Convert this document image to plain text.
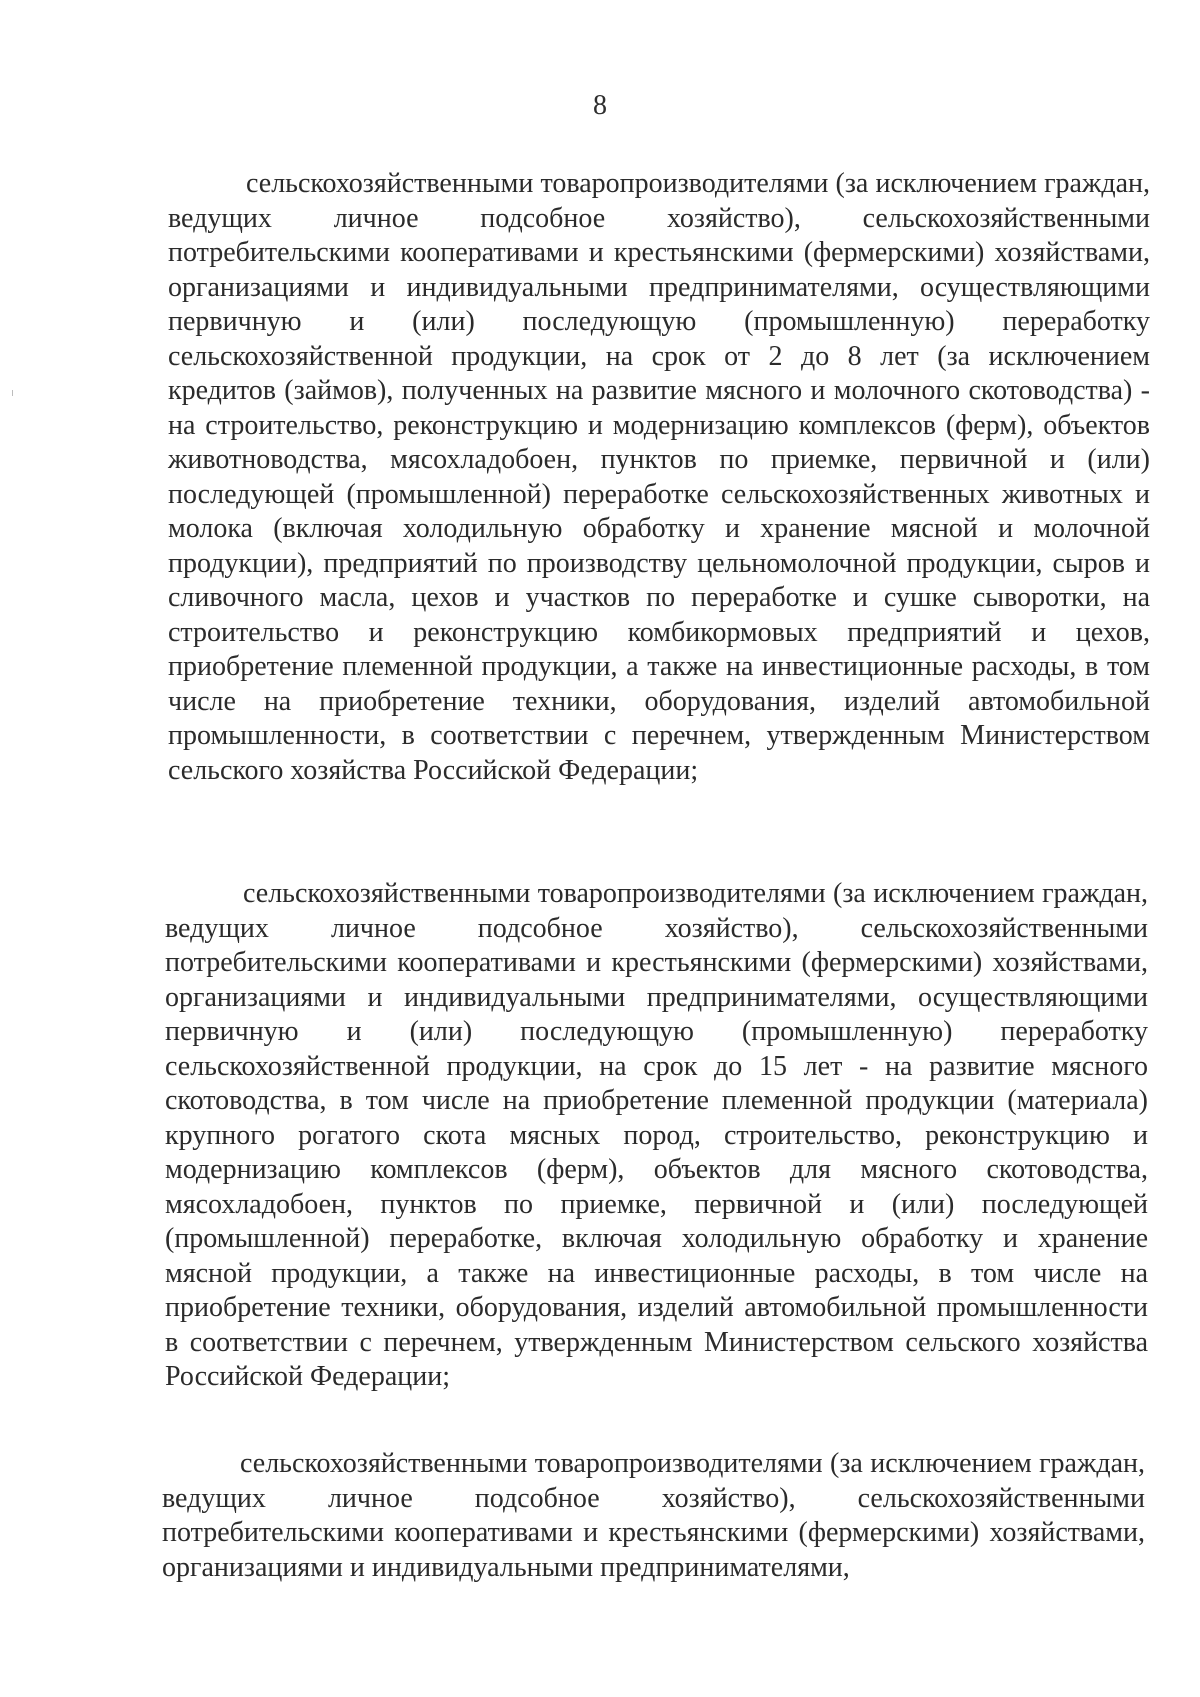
8

сельскохозяйственными товаропроизводителями (за исключением граждан, ведущих личное подсобное хозяйство), сельскохозяйственными потребительскими кооперативами и крестьянскими (фермерскими) хозяйствами, организациями и индивидуальными предпринимателями, осуществляющими первичную и (или) последующую (промышленную) переработку сельскохозяйственной продукции, на срок от 2 до 8 лет (за исключением кредитов (займов), полученных на развитие мясного и молочного скотоводства) - на строительство, реконструкцию и модернизацию комплексов (ферм), объектов животноводства, мясохладобоен, пунктов по приемке, первичной и (или) последующей (промышленной) переработке сельскохозяйственных животных и молока (включая холодильную обработку и хранение мясной и молочной продукции), предприятий по производству цельномолочной продукции, сыров и сливочного масла, цехов и участков по переработке и сушке сыворотки, на строительство и реконструкцию комбикормовых предприятий и цехов, приобретение племенной продукции, а также на инвестиционные расходы, в том числе на приобретение техники, оборудования, изделий автомобильной промышленности, в соответствии с перечнем, утвержденным Министерством сельского хозяйства Российской Федерации;

сельскохозяйственными товаропроизводителями (за исключением граждан, ведущих личное подсобное хозяйство), сельскохозяйственными потребительскими кооперативами и крестьянскими (фермерскими) хозяйствами, организациями и индивидуальными предпринимателями, осуществляющими первичную и (или) последующую (промышленную) переработку сельскохозяйственной продукции, на срок до 15 лет - на развитие мясного скотоводства, в том числе на приобретение племенной продукции (материала) крупного рогатого скота мясных пород, строительство, реконструкцию и модернизацию комплексов (ферм), объектов для мясного скотоводства, мясохладобоен, пунктов по приемке, первичной и (или) последующей (промышленной) переработке, включая холодильную обработку и хранение мясной продукции, а также на инвестиционные расходы, в том числе на приобретение техники, оборудования, изделий автомобильной промышленности в соответствии с перечнем, утвержденным Министерством сельского хозяйства Российской Федерации;

сельскохозяйственными товаропроизводителями (за исключением граждан, ведущих личное подсобное хозяйство), сельскохозяйственными потребительскими кооперативами и крестьянскими (фермерскими) хозяйствами, организациями и индивидуальными предпринимателями,
